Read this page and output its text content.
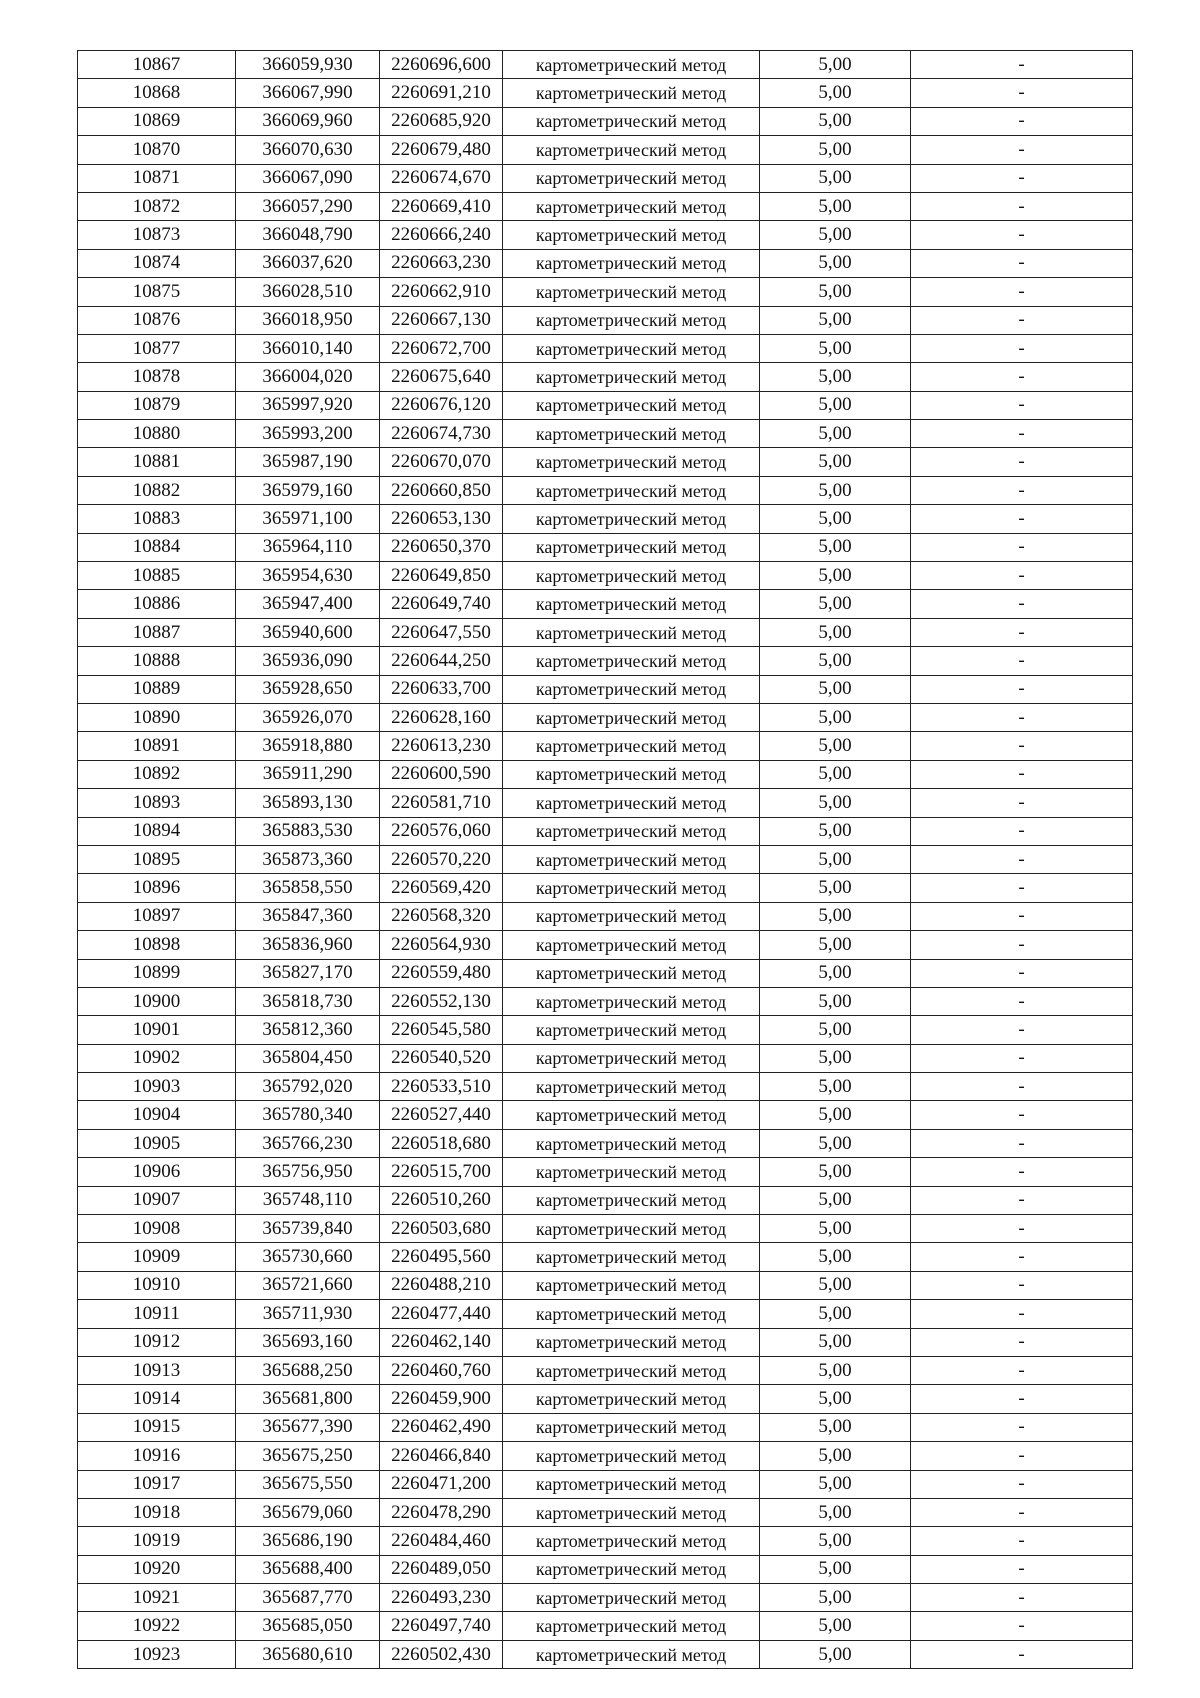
10867	366059,930	2260696,600	картометрический метод	5,00	-
10868	366067,990	2260691,210	картометрический метод	5,00	-
10869	366069,960	2260685,920	картометрический метод	5,00	-
10870	366070,630	2260679,480	картометрический метод	5,00	-
10871	366067,090	2260674,670	картометрический метод	5,00	-
10872	366057,290	2260669,410	картометрический метод	5,00	-
10873	366048,790	2260666,240	картометрический метод	5,00	-
10874	366037,620	2260663,230	картометрический метод	5,00	-
10875	366028,510	2260662,910	картометрический метод	5,00	-
10876	366018,950	2260667,130	картометрический метод	5,00	-
10877	366010,140	2260672,700	картометрический метод	5,00	-
10878	366004,020	2260675,640	картометрический метод	5,00	-
10879	365997,920	2260676,120	картометрический метод	5,00	-
10880	365993,200	2260674,730	картометрический метод	5,00	-
10881	365987,190	2260670,070	картометрический метод	5,00	-
10882	365979,160	2260660,850	картометрический метод	5,00	-
10883	365971,100	2260653,130	картометрический метод	5,00	-
10884	365964,110	2260650,370	картометрический метод	5,00	-
10885	365954,630	2260649,850	картометрический метод	5,00	-
10886	365947,400	2260649,740	картометрический метод	5,00	-
10887	365940,600	2260647,550	картометрический метод	5,00	-
10888	365936,090	2260644,250	картометрический метод	5,00	-
10889	365928,650	2260633,700	картометрический метод	5,00	-
10890	365926,070	2260628,160	картометрический метод	5,00	-
10891	365918,880	2260613,230	картометрический метод	5,00	-
10892	365911,290	2260600,590	картометрический метод	5,00	-
10893	365893,130	2260581,710	картометрический метод	5,00	-
10894	365883,530	2260576,060	картометрический метод	5,00	-
10895	365873,360	2260570,220	картометрический метод	5,00	-
10896	365858,550	2260569,420	картометрический метод	5,00	-
10897	365847,360	2260568,320	картометрический метод	5,00	-
10898	365836,960	2260564,930	картометрический метод	5,00	-
10899	365827,170	2260559,480	картометрический метод	5,00	-
10900	365818,730	2260552,130	картометрический метод	5,00	-
10901	365812,360	2260545,580	картометрический метод	5,00	-
10902	365804,450	2260540,520	картометрический метод	5,00	-
10903	365792,020	2260533,510	картометрический метод	5,00	-
10904	365780,340	2260527,440	картометрический метод	5,00	-
10905	365766,230	2260518,680	картометрический метод	5,00	-
10906	365756,950	2260515,700	картометрический метод	5,00	-
10907	365748,110	2260510,260	картометрический метод	5,00	-
10908	365739,840	2260503,680	картометрический метод	5,00	-
10909	365730,660	2260495,560	картометрический метод	5,00	-
10910	365721,660	2260488,210	картометрический метод	5,00	-
10911	365711,930	2260477,440	картометрический метод	5,00	-
10912	365693,160	2260462,140	картометрический метод	5,00	-
10913	365688,250	2260460,760	картометрический метод	5,00	-
10914	365681,800	2260459,900	картометрический метод	5,00	-
10915	365677,390	2260462,490	картометрический метод	5,00	-
10916	365675,250	2260466,840	картометрический метод	5,00	-
10917	365675,550	2260471,200	картометрический метод	5,00	-
10918	365679,060	2260478,290	картометрический метод	5,00	-
10919	365686,190	2260484,460	картометрический метод	5,00	-
10920	365688,400	2260489,050	картометрический метод	5,00	-
10921	365687,770	2260493,230	картометрический метод	5,00	-
10922	365685,050	2260497,740	картометрический метод	5,00	-
10923	365680,610	2260502,430	картометрический метод	5,00	-
